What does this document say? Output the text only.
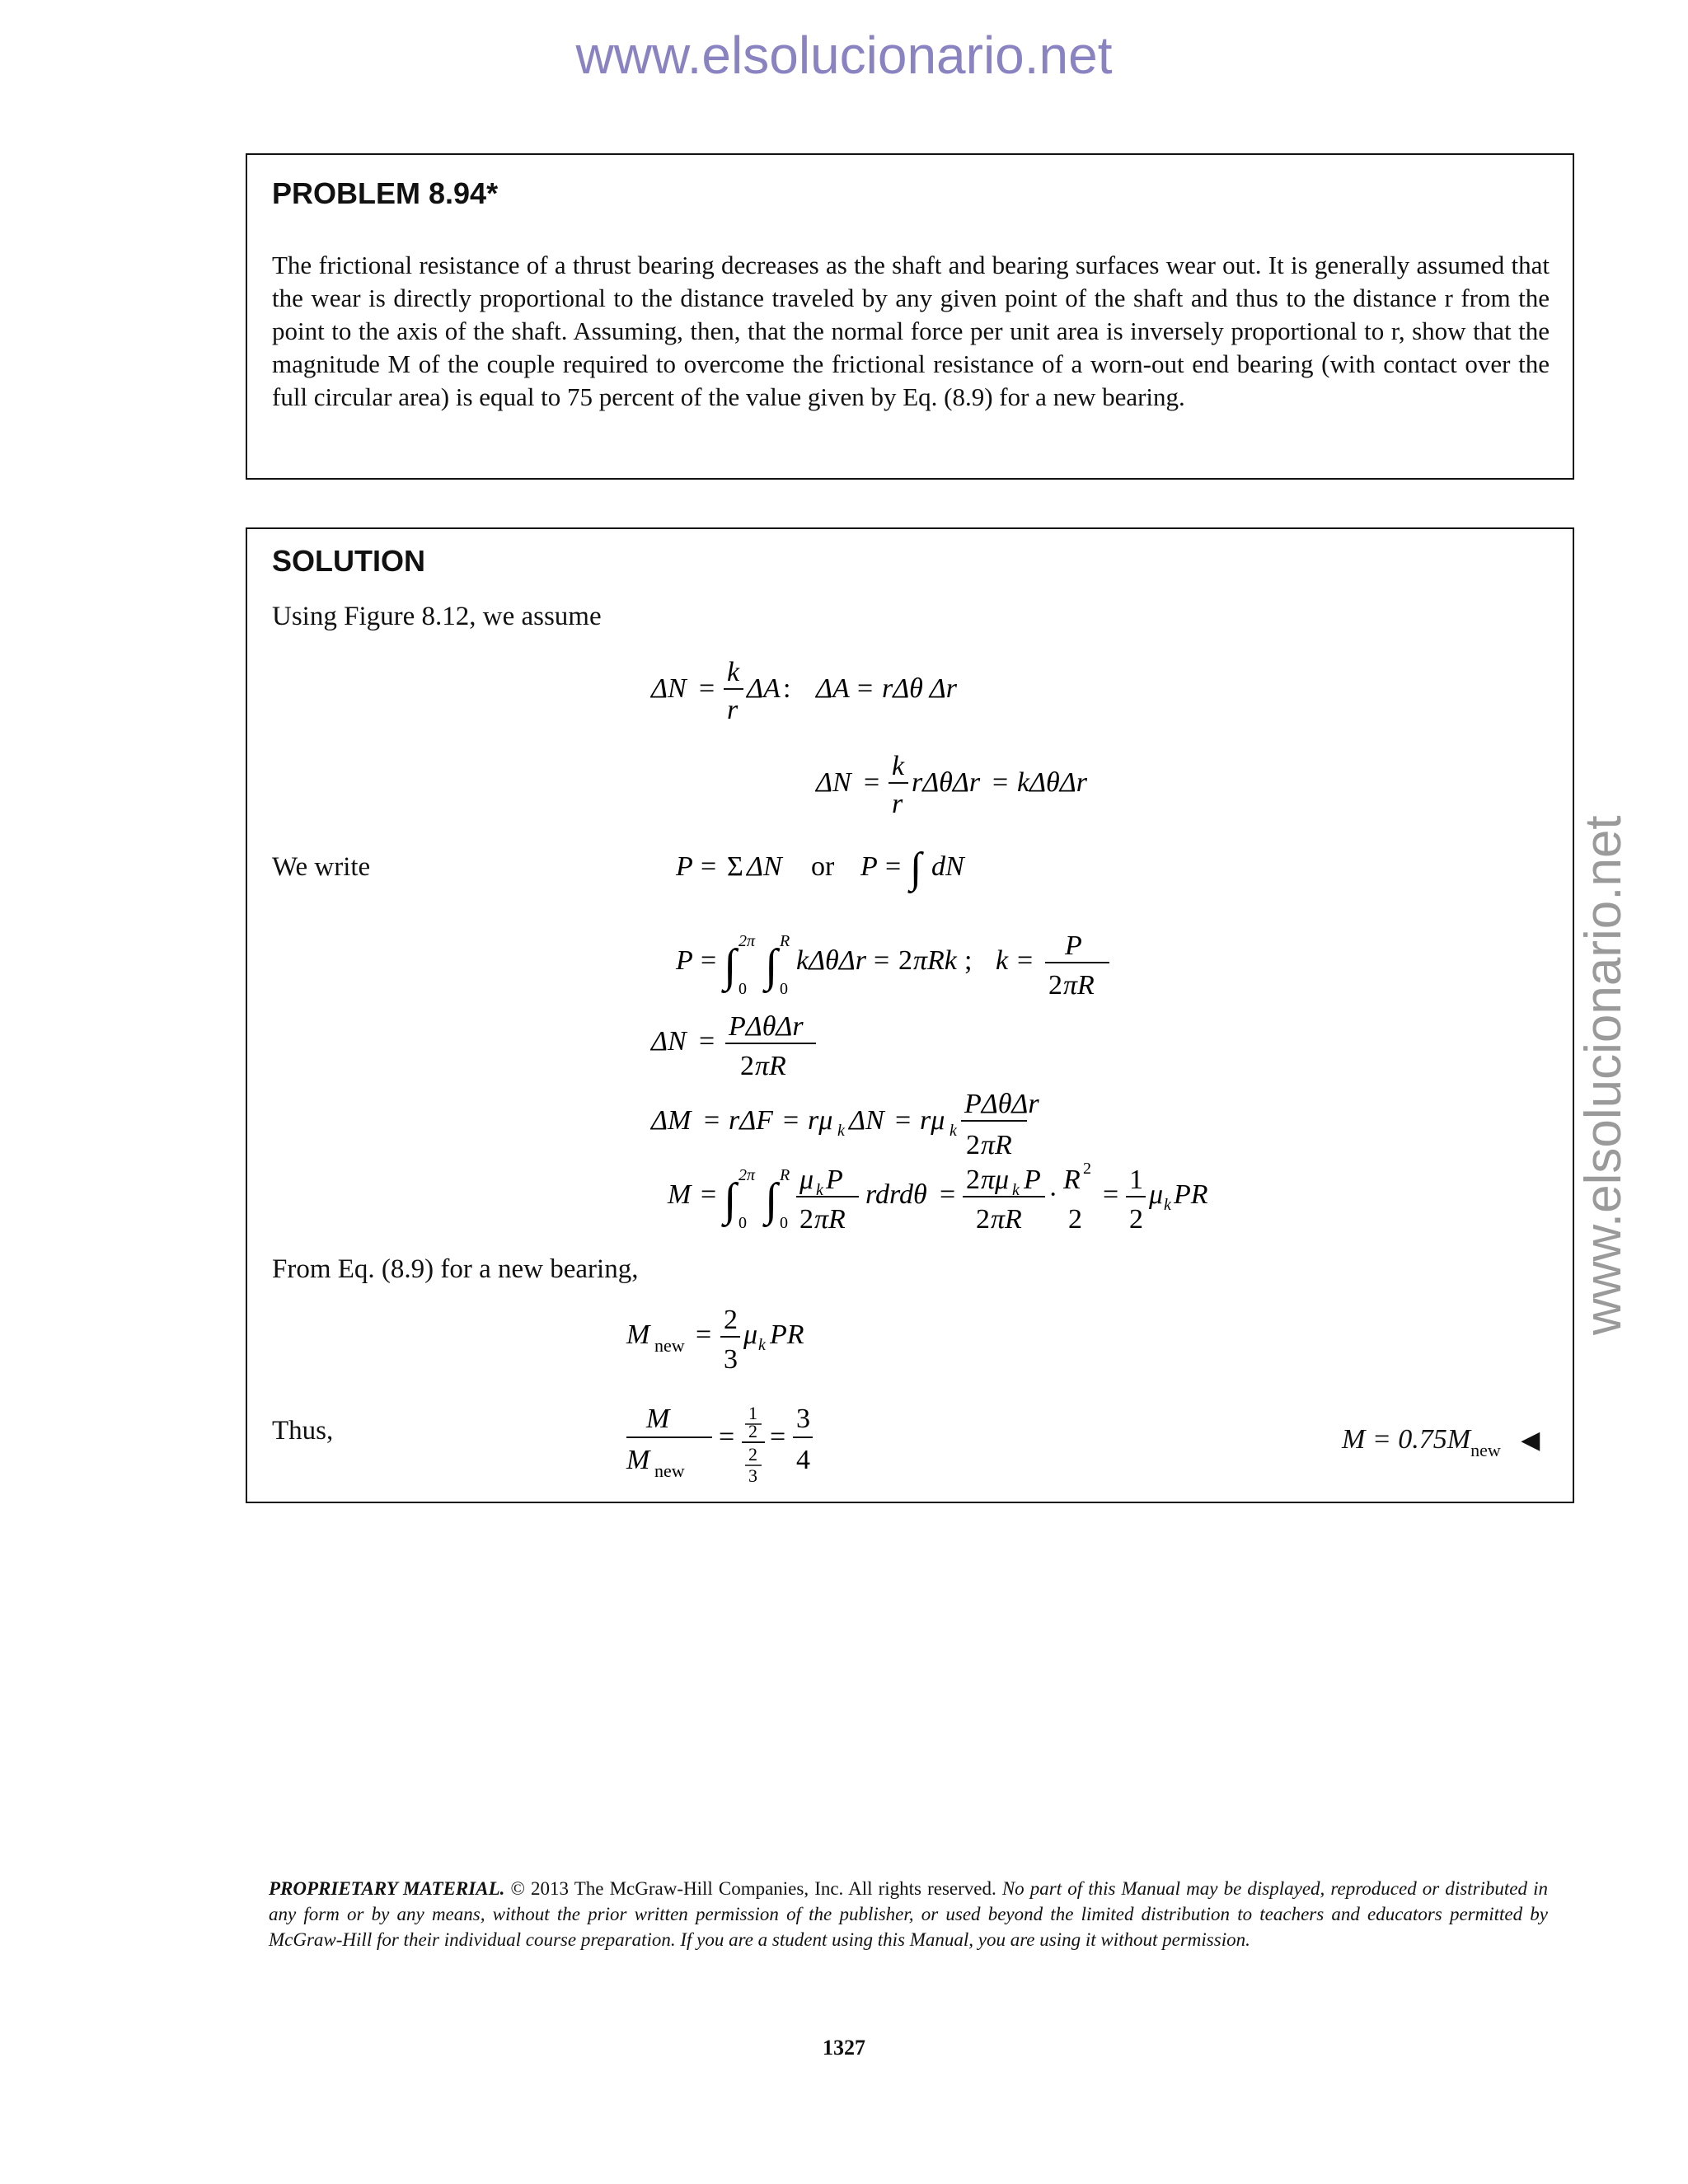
www.elsolucionario.net
www.elsolucionario.net
PROBLEM 8.94*
The frictional resistance of a thrust bearing decreases as the shaft and bearing surfaces wear out. It is generally assumed that the wear is directly proportional to the distance traveled by any given point of the shaft and thus to the distance r from the point to the axis of the shaft. Assuming, then, that the normal force per unit area is inversely proportional to r, show that the magnitude M of the couple required to overcome the frictional resistance of a worn-out end bearing (with contact over the full circular area) is equal to 75 percent of the value given by Eq. (8.9) for a new bearing.
SOLUTION
Using Figure 8.12, we assume
ΔN =
k
r
ΔA : ΔA = rΔθ Δr
ΔN =
k
r
rΔθΔr = kΔθΔr
We write	P = Σ ΔN or P = ∫ dN
P = ∫ 2π
0 ∫ R
0
kΔθΔr = 2 πRk ; k = P
2 πR
ΔN = PΔθΔr
2 πR
ΔM = rΔF = rμ k ΔN = rμ k
PΔθΔr
2 πR
M = ∫ 2π
0 ∫ R
0
μ k P
2 πR
rdrdθ = 2 πμ k P
2 πR
· R 2
2
= 1
2
μ k PR
From Eq. (8.9) for a new bearing,
M new = 2
3
μ k PR
Thus,	M
M new
=
1
2
2
3
=
3
4
$M = 0.75M_{new}$ ◀
PROPRIETARY MATERIAL. © 2013 The McGraw-Hill Companies, Inc. All rights reserved. No part of this Manual may be displayed, reproduced or distributed in any form or by any means, without the prior written permission of the publisher, or used beyond the limited distribution to teachers and educators permitted by McGraw-Hill for their individual course preparation. If you are a student using this Manual, you are using it without permission.
1327
